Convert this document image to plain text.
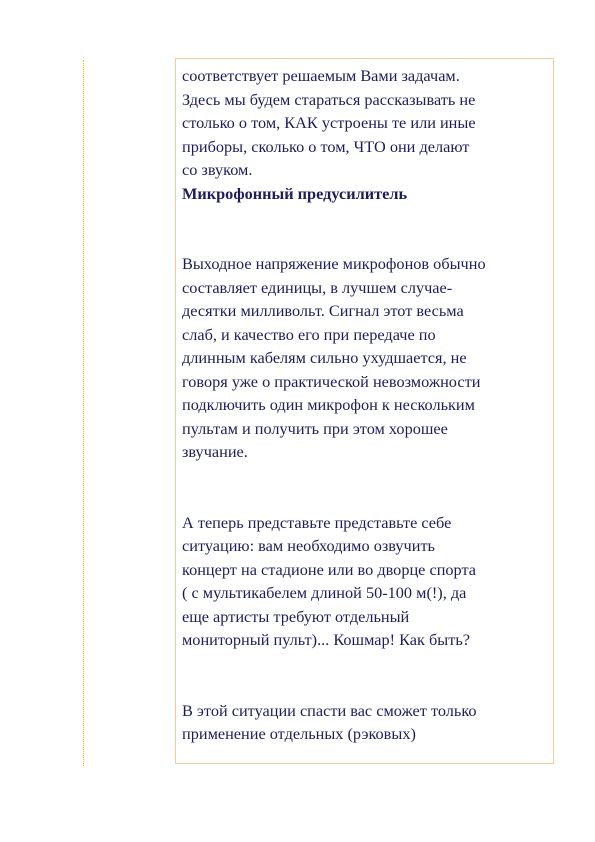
соответствует решаемым Вами задачам.

Здесь мы будем стараться рассказывать не

столько о том, КАК устроены те или иные

приборы, сколько о том, ЧТО они делают

со звуком.

Микрофонный предусилитель

Выходное напряжение микрофонов обычно

составляет единицы, в лучшем случае-

десятки милливольт. Сигнал этот весьма

слаб, и качество его при передаче по

длинным кабелям сильно ухудшается, не

говоря уже о практической невозможности

подключить один микрофон к нескольким

пультам и получить при этом хорошее

звучание.

А теперь представьте представьте себе

ситуацию: вам необходимо озвучить

концерт на стадионе или во дворце спорта

( с мультикабелем длиной 50-100 м(!), да

еще артисты требуют отдельный

мониторный пульт)... Кошмар! Как быть?

В этой ситуации спасти вас сможет только

применение отдельных (рэковых)
